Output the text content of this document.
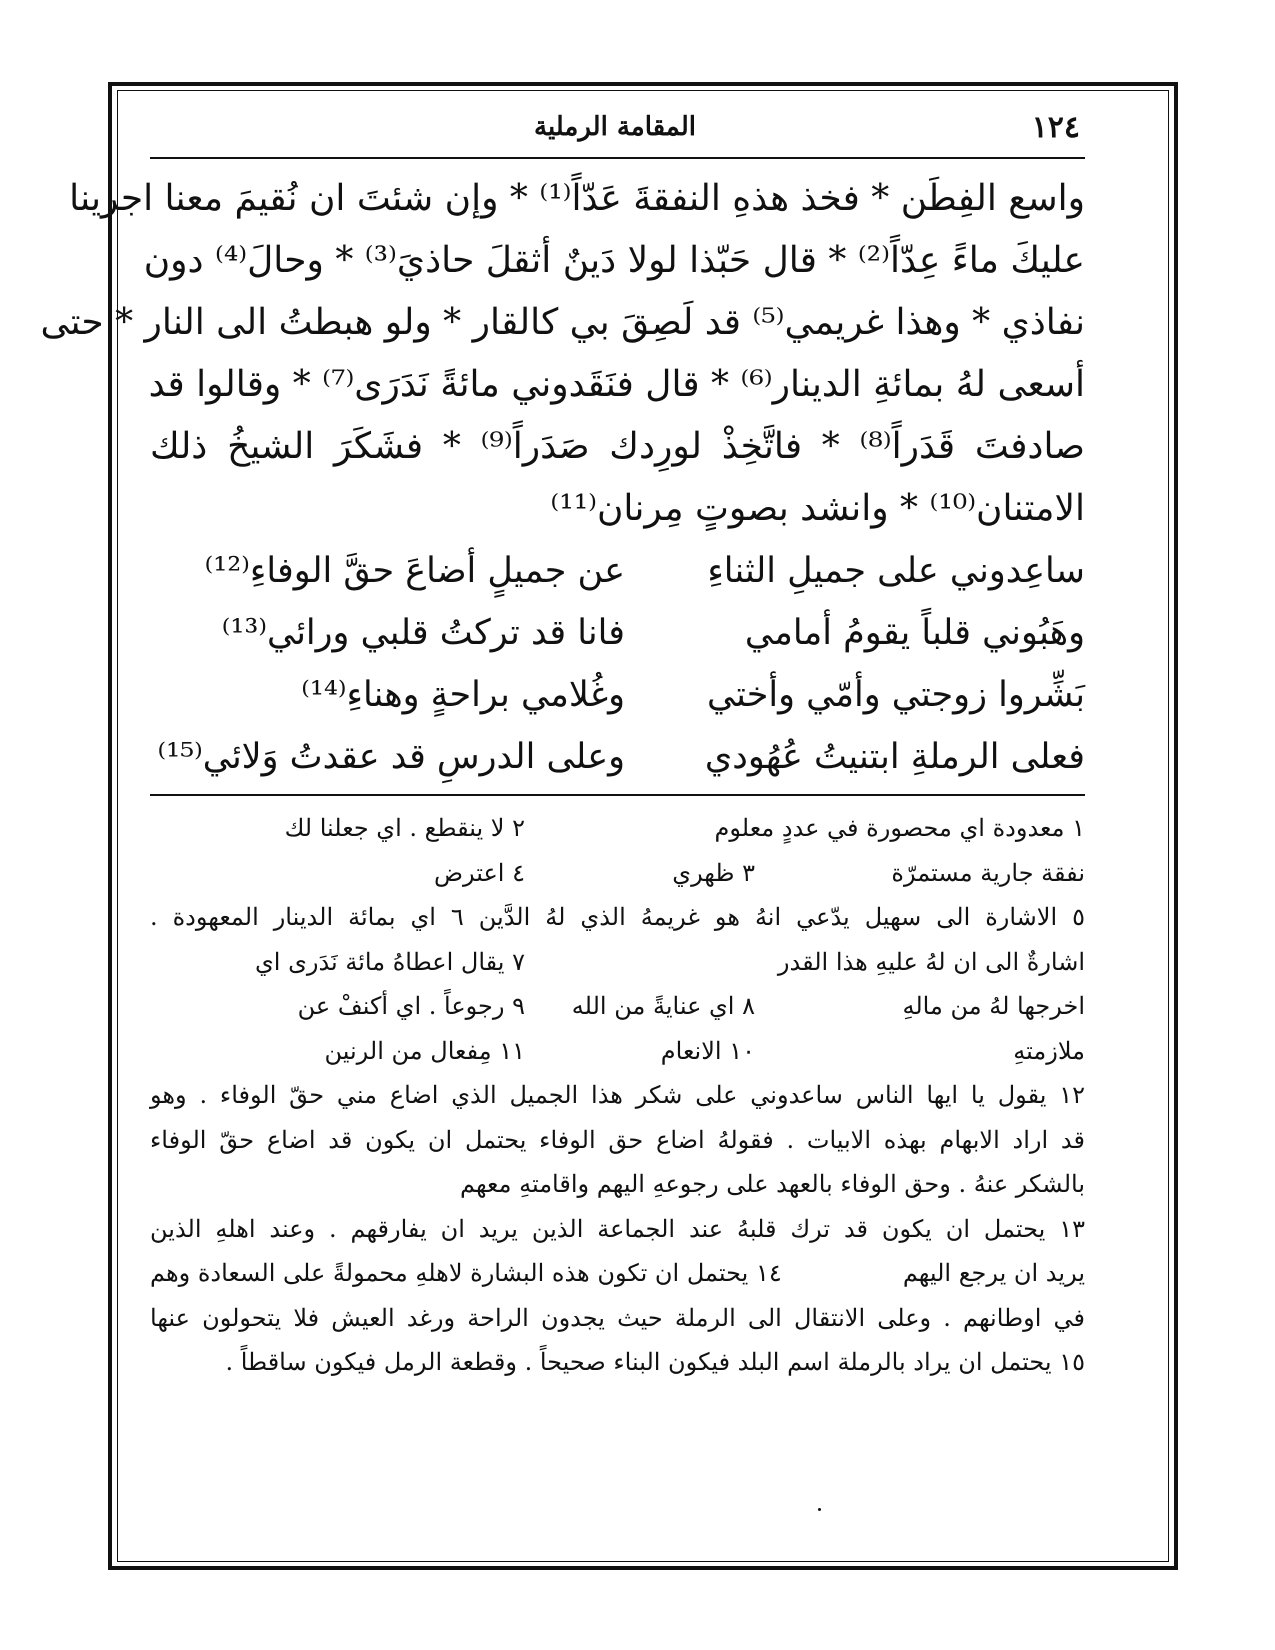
١٢٤
المقامة الرملية
واسع الفِطَن * فخذ هذهِ النفقةَ عَدّاً⁽¹⁾ * وإن شئتَ ان نُقيمَ معنا اجرينا
عليكَ ماءً عِدّاً⁽²⁾ * قال حَبّذا لولا دَينٌ أثقلَ حاذيَ⁽³⁾ * وحالَ⁽⁴⁾ دون
نفاذي * وهذا غريمي⁽⁵⁾ قد لَصِقَ بي كالقار * ولو هبطتُ الى النار * حتى
أسعى لهُ بمائةِ الدينار⁽⁶⁾ * قال فنَقَدوني مائةً نَدَرَى⁽⁷⁾ * وقالوا قد
صادفتَ قَدَراً⁽⁸⁾ * فاتَّخِذْ لورِدك صَدَراً⁽⁹⁾ * فشَكَرَ الشيخُ ذلك
الامتنان⁽¹⁰⁾ * وانشد بصوتٍ مِرنان⁽¹¹⁾
ساعِدوني على جميلِ الثناءِ
عن جميلٍ أضاعَ حقَّ الوفاءِ⁽¹²⁾
وهَبُوني قلباً يقومُ أمامي
فانا قد تركتُ قلبي ورائي⁽¹³⁾
بَشِّروا زوجتي وأمّي وأختي
وغُلامي براحةٍ وهناءِ⁽¹⁴⁾
فعلى الرملةِ ابتنيتُ عُهُودي
وعلى الدرسِ قد عقدتُ وَلائي⁽¹⁵⁾
١ معدودة اي محصورة في عددٍ معلوم
٢ لا ينقطع . اي جعلنا لك
نفقة جارية مستمرّة
٣ ظهري
٤ اعترض
٥ الاشارة الى سهيل يدّعي انهُ هو غريمهُ الذي لهُ الدَّين ٦ اي بمائة الدينار المعهودة .
اشارةٌ الى ان لهُ عليهِ هذا القدر
٧ يقال اعطاهُ مائة نَدَرى اي
اخرجها لهُ من مالهِ
٨ اي عنايةً من الله
٩ رجوعاً . اي أكنفْ عن
ملازمتهِ
١٠ الانعام
١١ مِفعال من الرنين
١٢ يقول يا ايها الناس ساعدوني على شكر هذا الجميل الذي اضاع مني حقّ الوفاء . وهو
قد اراد الابهام بهذه الابيات . فقولهُ اضاع حق الوفاء يحتمل ان يكون قد اضاع حقّ الوفاء
بالشكر عنهُ . وحق الوفاء بالعهد على رجوعهِ اليهم واقامتهِ معهم
١٣ يحتمل ان يكون قد ترك قلبهُ عند الجماعة الذين يريد ان يفارقهم . وعند اهلهِ الذين
يريد ان يرجع اليهم
١٤ يحتمل ان تكون هذه البشارة لاهلهِ محمولةً على السعادة وهم
في اوطانهم . وعلى الانتقال الى الرملة حيث يجدون الراحة ورغد العيش فلا يتحولون عنها
١٥ يحتمل ان يراد بالرملة اسم البلد فيكون البناء صحيحاً . وقطعة الرمل فيكون ساقطاً .
